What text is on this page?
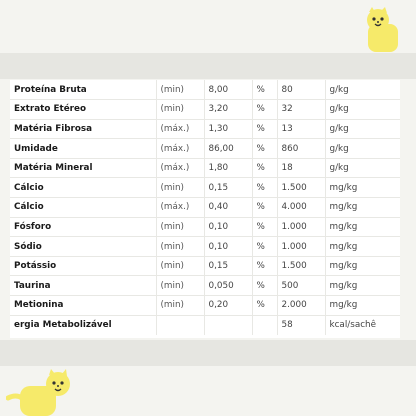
Proteína Bruta	(min)	8,00	%	80	g/kg
Extrato Etéreo	(min)	3,20	%	32	g/kg
Matéria Fibrosa	(máx.)	1,30	%	13	g/kg
Umidade	(máx.)	86,00	%	860	g/kg
Matéria Mineral	(máx.)	1,80	%	18	g/kg
Cálcio	(min)	0,15	%	1.500	mg/kg
Cálcio	(máx.)	0,40	%	4.000	mg/kg
Fósforo	(min)	0,10	%	1.000	mg/kg
Sódio	(min)	0,10	%	1.000	mg/kg
Potássio	(min)	0,15	%	1.500	mg/kg
Taurina	(min)	0,050	%	500	mg/kg
Metionina	(min)	0,20	%	2.000	mg/kg
ergia Metabolizável				58	kcal/sachê
